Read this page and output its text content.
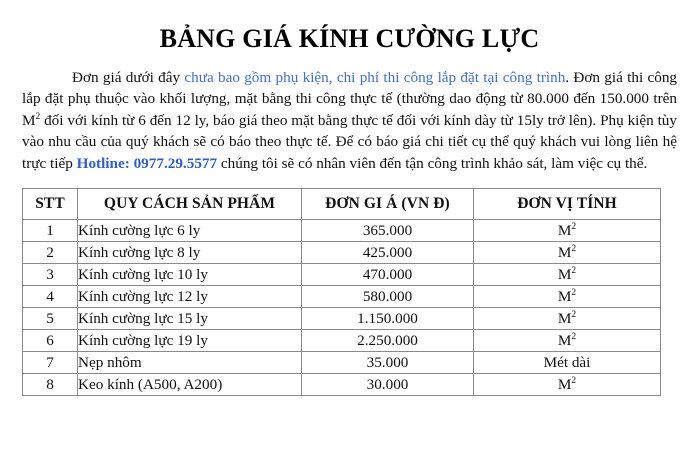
BẢNG GIÁ KÍNH CƯỜNG LỰC

Đơn giá dưới đây chưa bao gồm phụ kiện, chi phí thi công lắp đặt tại công trình. Đơn giá thi công lắp đặt phụ thuộc vào khối lượng, mặt bằng thi công thực tế (thường dao động từ 80.000 đến 150.000 trên $M^2$ đối với kính từ 6 đến 12 ly, báo giá theo mặt bằng thực tế đối với kính dày từ 15ly trở lên). Phụ kiện tùy vào nhu cầu của quý khách sẽ có báo theo thực tế. Để có báo giá chi tiết cụ thể quý khách vui lòng liên hệ trực tiếp Hotline: 0977.29.5577 chúng tôi sẽ có nhân viên đến tận công trình khảo sát, làm việc cụ thể.

STT	QUY CÁCH SẢN PHẨM	ĐƠN GI Á (VN Đ)	ĐƠN VỊ TÍNH
1	Kính cường lực 6 ly	365.000	$M^2$
2	Kính cường lực 8 ly	425.000	$M^2$
3	Kính cường lực 10 ly	470.000	$M^2$
4	Kính cường lực 12 ly	580.000	$M^2$
5	Kính cường lực 15 ly	1.150.000	$M^2$
6	Kính cường lực 19 ly	2.250.000	$M^2$
7	Nẹp nhôm	35.000	Mét dài
8	Keo kính (A500, A200)	30.000	$M^2$
